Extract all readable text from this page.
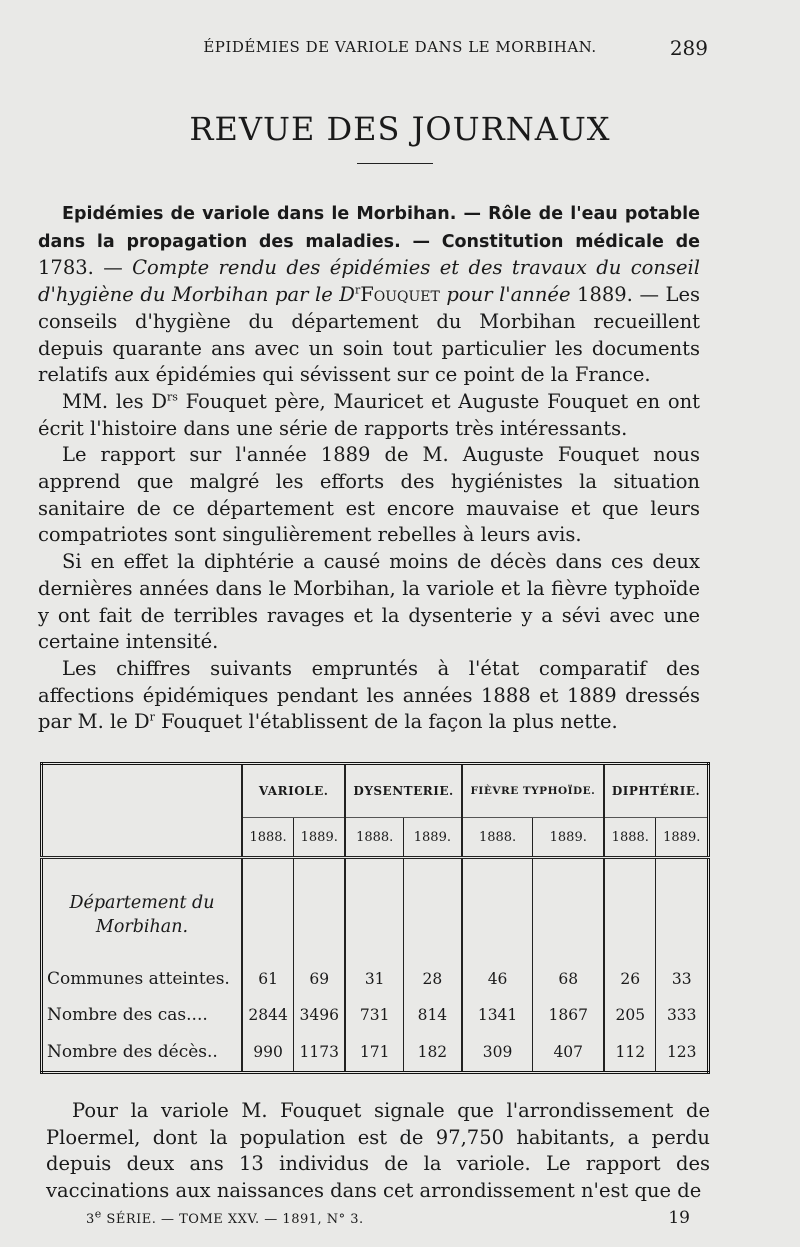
ÉPIDÉMIES DE VARIOLE DANS LE MORBIHAN.	289
REVUE DES JOURNAUX

Epidémies de variole dans le Morbihan. — Rôle de l'eau potable dans la propagation des maladies. — Constitution médicale de 1783. — Compte rendu des épidémies et des travaux du conseil d'hygiène du Morbihan par le $D^rFouquet$ pour l'année 1889. — Les conseils d'hygiène du département du Morbihan recueillent depuis quarante ans avec un soin tout particulier les documents relatifs aux épidémies qui sévissent sur ce point de la France.

MM. les $D^{rs}$ Fouquet père, Mauricet et Auguste Fouquet en ont écrit l'histoire dans une série de rapports très intéressants.

Le rapport sur l'année 1889 de M. Auguste Fouquet nous apprend que malgré les efforts des hygiénistes la situation sanitaire de ce département est encore mauvaise et que leurs compatriotes sont singulièrement rebelles à leurs avis.

Si en effet la diphtérie a causé moins de décès dans ces deux dernières années dans le Morbihan, la variole et la fièvre typhoïde y ont fait de terribles ravages et la dysenterie y a sévi avec une certaine intensité.

Les chiffres suivants empruntés à l'état comparatif des affections épidémiques pendant les années 1888 et 1889 dressés par M. le $D^r$ Fouquet l'établissent de la façon la plus nette.

	VARIOLE.		DYSENTERIE.		FIÈVRE TYPHOÏDE.		DIPHTÉRIE.	
	1888.	1889.	1888.	1889.	1888.	1889.	1888.	1889.
Département du
Morbihan.								
Communes atteintes.	61	69	31	28	46	68	26	33
Nombre des cas....	2844	3496	731	814	1341	1867	205	333
Nombre des décès..	990	1173	171	182	309	407	112	123

Pour la variole M. Fouquet signale que l'arrondissement de Ploermel, dont la population est de 97,750 habitants, a perdu depuis deux ans 13 individus de la variole. Le rapport des vaccinations aux naissances dans cet arrondissement n'est que de

3e SÉRIE. — TOME XXV. — 1891, N° 3.	19
